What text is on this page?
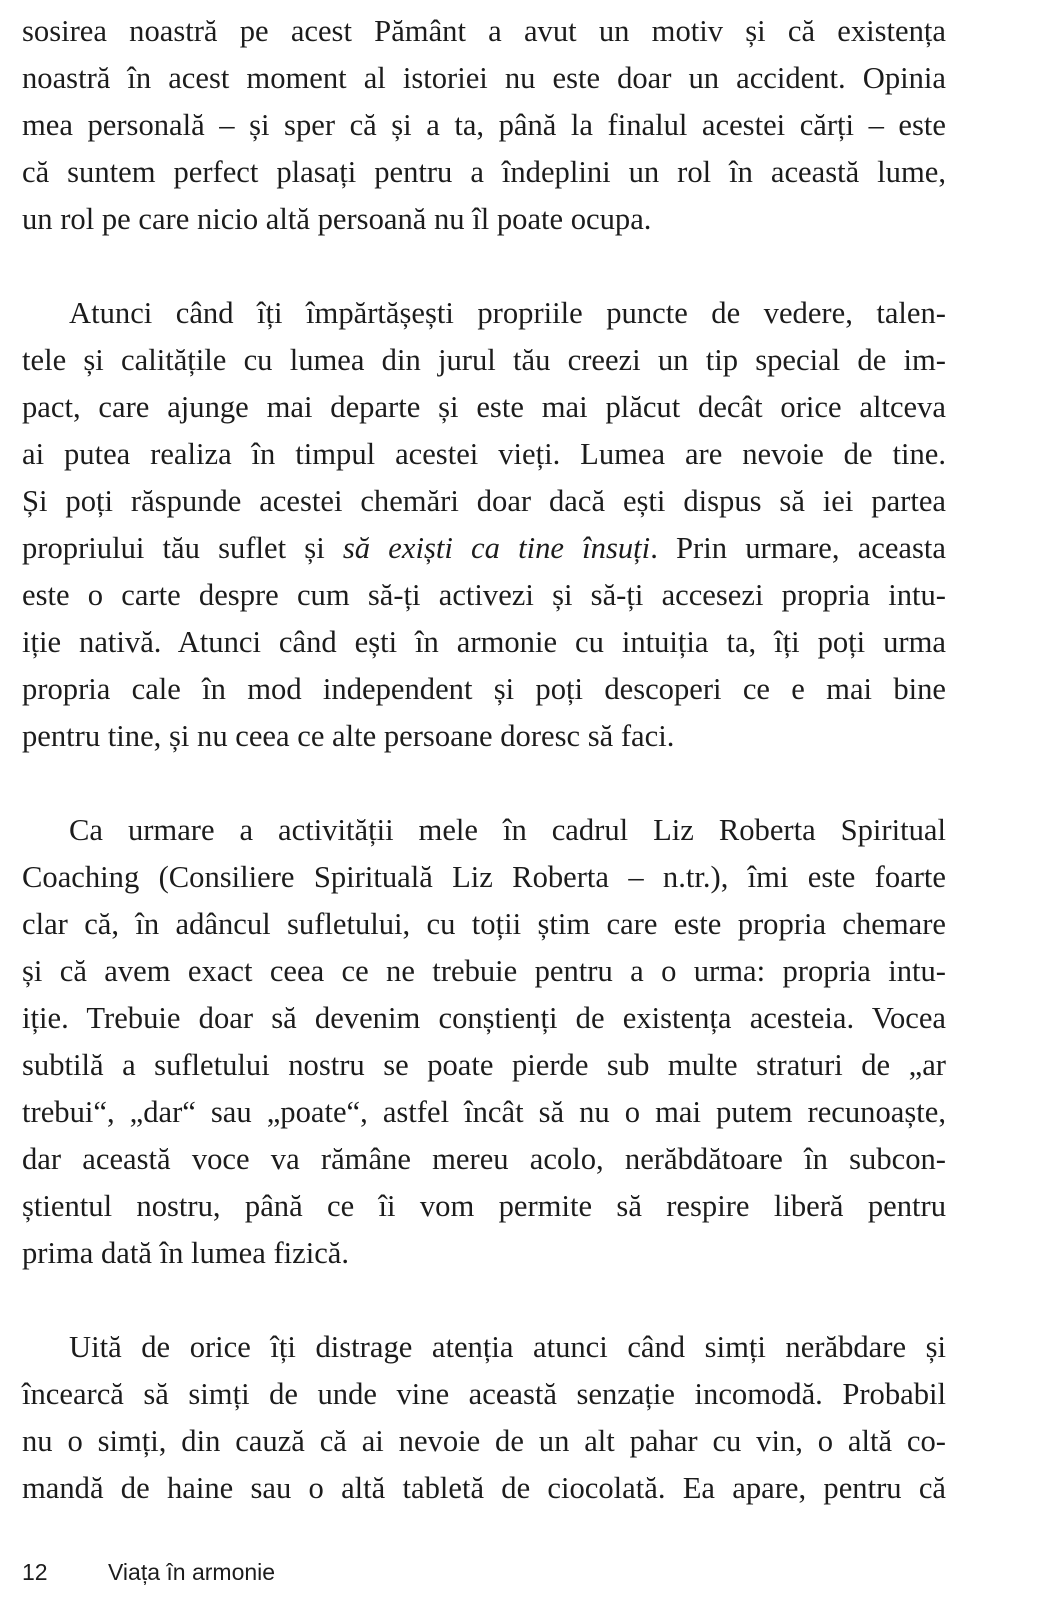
sosirea noastră pe acest Pământ a avut un motiv și că existența
noastră în acest moment al istoriei nu este doar un accident. Opinia
mea personală – și sper că și a ta, până la finalul acestei cărți – este
că suntem perfect plasați pentru a îndeplini un rol în această lume,
un rol pe care nicio altă persoană nu îl poate ocupa.

Atunci când îți împărtășești propriile puncte de vedere, talen-
tele și calitățile cu lumea din jurul tău creezi un tip special de im-
pact, care ajunge mai departe și este mai plăcut decât orice altceva
ai putea realiza în timpul acestei vieți. Lumea are nevoie de tine.
Și poți răspunde acestei chemări doar dacă ești dispus să iei partea
propriului tău suflet și să exiști ca tine însuți. Prin urmare, aceasta
este o carte despre cum să-ți activezi și să-ți accesezi propria intu-
iție nativă. Atunci când ești în armonie cu intuiția ta, îți poți urma
propria cale în mod independent și poți descoperi ce e mai bine
pentru tine, și nu ceea ce alte persoane doresc să faci.

Ca urmare a activității mele în cadrul Liz Roberta Spiritual
Coaching (Consiliere Spirituală Liz Roberta – n.tr.), îmi este foarte
clar că, în adâncul sufletului, cu toții știm care este propria chemare
și că avem exact ceea ce ne trebuie pentru a o urma: propria intu-
iție. Trebuie doar să devenim conștienți de existența acesteia. Vocea
subtilă a sufletului nostru se poate pierde sub multe straturi de „ar
trebui“, „dar“ sau „poate“, astfel încât să nu o mai putem recunoaște,
dar această voce va rămâne mereu acolo, nerăbdătoare în subcon-
știentul nostru, până ce îi vom permite să respire liberă pentru
prima dată în lumea fizică.

Uită de orice îți distrage atenția atunci când simți nerăbdare și
încearcă să simți de unde vine această senzație incomodă. Probabil
nu o simți, din cauză că ai nevoie de un alt pahar cu vin, o altă co-
mandă de haine sau o altă tabletă de ciocolată. Ea apare, pentru că

12	Viața în armonie
